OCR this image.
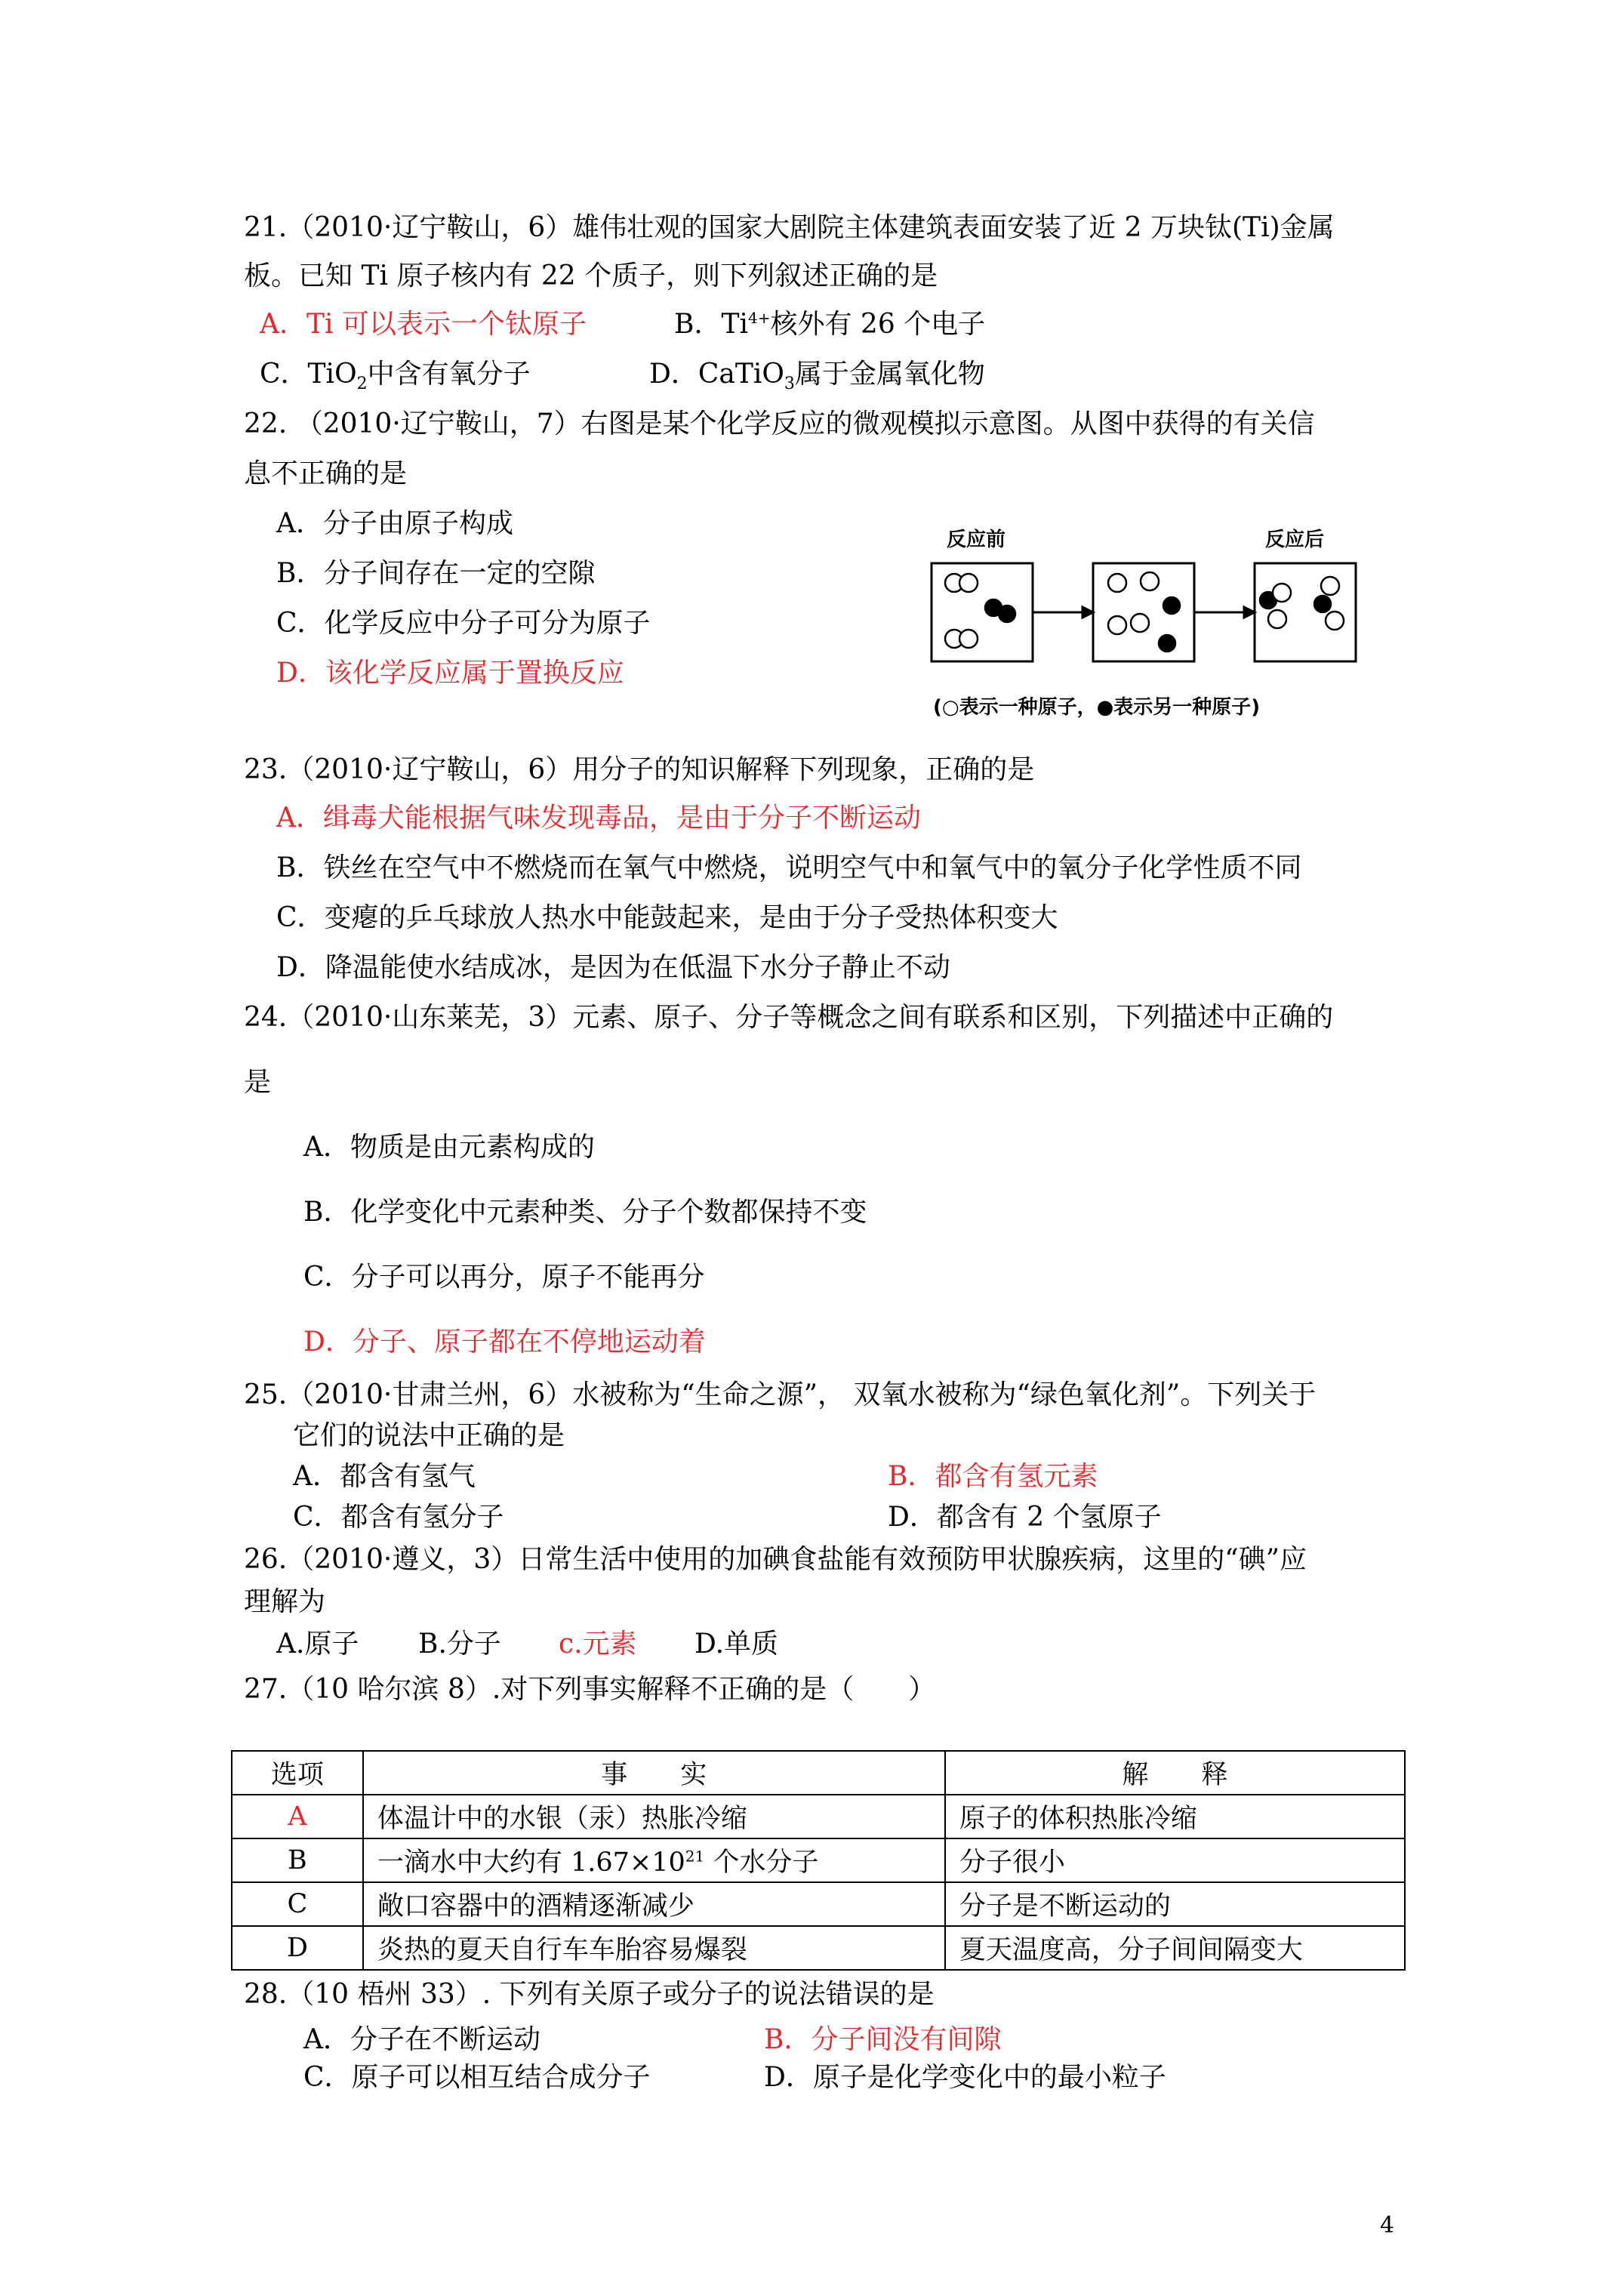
21.（2010·辽宁鞍山，6）雄伟壮观的国家大剧院主体建筑表面安装了近 2 万块钛(Ti)金属
板。已知 Ti 原子核内有 22 个质子，则下列叙述正确的是
A．Ti 可以表示一个钛原子	B．$Ti^{4+}$核外有 26 个电子
C．TiO$_2$中含有氧分子	D．CaTiO$_3$属于金属氧化物
22. （2010·辽宁鞍山，7）右图是某个化学反应的微观模拟示意图。从图中获得的有关信
息不正确的是
A．分子由原子构成
B．分子间存在一定的空隙
C．化学反应中分子可分为原子
D．该化学反应属于置换反应
反应前	反应后
(○表示一种原子，●表示另一种原子)
23.（2010·辽宁鞍山，6）用分子的知识解释下列现象，正确的是
A．缉毒犬能根据气味发现毒品，是由于分子不断运动
B．铁丝在空气中不燃烧而在氧气中燃烧，说明空气中和氧气中的氧分子化学性质不同
C．变瘪的乒乓球放人热水中能鼓起来，是由于分子受热体积变大
D．降温能使水结成冰，是因为在低温下水分子静止不动
24.（2010·山东莱芜，3）元素、原子、分子等概念之间有联系和区别，下列描述中正确的
是
A．物质是由元素构成的
B．化学变化中元素种类、分子个数都保持不变
C．分子可以再分，原子不能再分
D．分子、原子都在不停地运动着
25.（2010·甘肃兰州，6）水被称为“生命之源”， 双氧水被称为“绿色氧化剂”。下列关于
它们的说法中正确的是
A．都含有氢气	B．都含有氢元素
C．都含有氢分子	D．都含有 2 个氢原子
26.（2010·遵义，3）日常生活中使用的加碘食盐能有效预防甲状腺疾病，这里的“碘”应
理解为
A.原子 B.分子 c.元素 D.单质
27.（10 哈尔滨 8）.对下列事实解释不正确的是（　　）
选项	事　　实	解　　释
A	体温计中的水银（汞）热胀冷缩	原子的体积热胀冷缩
B	一滴水中大约有 $1.67\times 10^{21}$ 个水分子	分子很小
C	敞口容器中的酒精逐渐减少	分子是不断运动的
D	炎热的夏天自行车车胎容易爆裂	夏天温度高，分子间间隔变大
28.（10 梧州 33）. 下列有关原子或分子的说法错误的是
A．分子在不断运动	B．分子间没有间隙
C．原子可以相互结合成分子	D．原子是化学变化中的最小粒子
4
